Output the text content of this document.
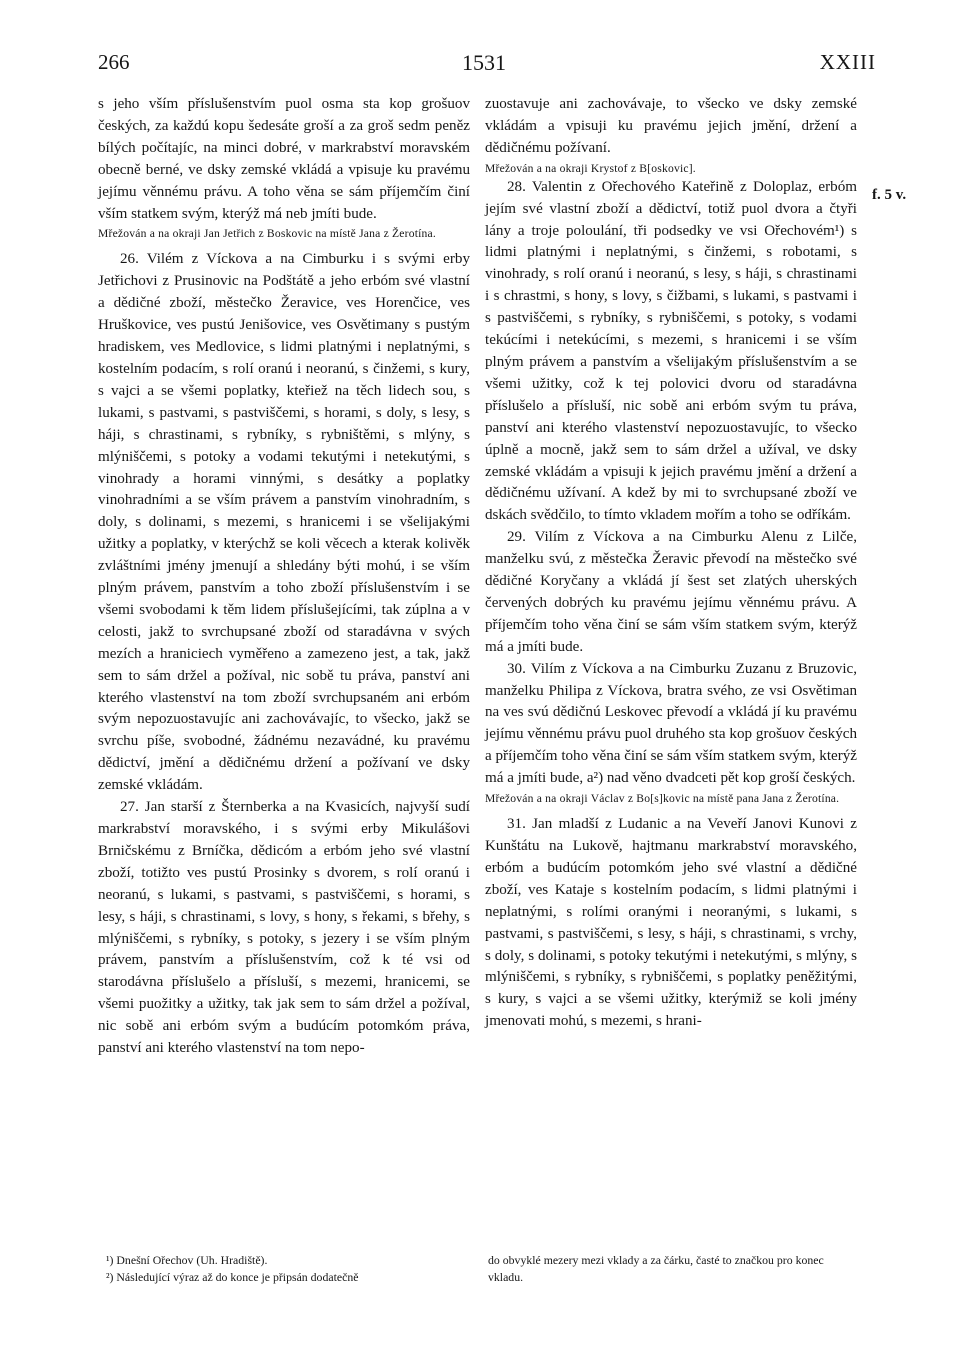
266	1531	XXIII
f. 5 v.

s jeho vším příslušenstvím puol osma sta kop grošuov českých, za každú kopu šedesáte groší a za groš sedm peněz bílých počítajíc, na minci dobré, v markrabství moravském obecně berné, ve dsky zemské vkládá a vpisuje ku pravému jejímu věnnému právu. A toho věna se sám příjemčím činí vším statkem svým, kterýž má neb jmíti bude.

Mřežován a na okraji Jan Jetřich z Boskovic na místě Jana z Žerotína.

26. Vilém z Víckova a na Cimburku i s svými erby Jetřichovi z Prusinovic na Podštátě a jeho erbóm své vlastní a dědičné zboží, městečko Žeravice, ves Horenčice, ves Hruškovice, ves pustú Jenišovice, ves Osvětimany s pustým hradiskem, ves Medlovice, s lidmi platnými i neplatnými, s kostelním podacím, s rolí oranú i neoranú, s činžemi, s kury, s vajci a se všemi poplatky, kteřiež na těch lidech sou, s lukami, s pastvami, s pastviščemi, s horami, s doly, s lesy, s háji, s chrastinami, s rybníky, s rybništěmi, s mlýny, s mlýniščemi, s potoky a vodami tekutými i netekutými, s vinohrady a horami vinnými, s desátky a poplatky vinohradními a se vším právem a panstvím vinohradním, s doly, s dolinami, s mezemi, s hranicemi i se všelijakými užitky a poplatky, v kterýchž se koli věcech a kterak kolivěk zvláštními jmény jmenují a shledány býti mohú, i se vším plným právem, panstvím a toho zboží příslušenstvím i se všemi svobodami k těm lidem příslušejícími, tak zúplna a v celosti, jakž to svrchupsané zboží od staradávna v svých mezích a hraniciech vyměřeno a zamezeno jest, a tak, jakž sem to sám držel a požíval, nic sobě tu práva, panství ani kterého vlastenství na tom zboží svrchupsaném ani erbóm svým nepozuostavujíc ani zachovávajíc, to všecko, jakž se svrchu píše, svobodné, žádnému nezavádné, ku pravému dědictví, jmění a dědičnému držení a požívaní ve dsky zemské vkládám.

27. Jan starší z Šternberka a na Kvasicích, najvyší sudí markrabství moravského, i s svými erby Mikulášovi Brničskému z Brníčka, dědicóm a erbóm jeho své vlastní zboží, totižto ves pustú Prosinky s dvorem, s rolí oranú i neoranú, s lukami, s pastvami, s pastviščemi, s horami, s lesy, s háji, s chrastinami, s lovy, s hony, s řekami, s břehy, s mlýniščemi, s rybníky, s potoky, s jezery i se vším plným právem, panstvím a příslušenstvím, což k té vsi od starodávna příslušelo a přísluší, s mezemi, hranicemi, se všemi puožitky a užitky, tak jak sem to sám držel a požíval, nic sobě ani erbóm svým a budúcím potomkóm práva, panství ani kterého vlastenství na tom nepo-

zuostavuje ani zachovávaje, to všecko ve dsky zemské vkládám a vpisuji ku pravému jejich jmění, držení a dědičnému požívaní.

Mřežován a na okraji Krystof z B[oskovic].

28. Valentin z Ořechového Kateřině z Doloplaz, erbóm jejím své vlastní zboží a dědictví, totiž puol dvora a čtyři lány a troje poloulání, tři podsedky ve vsi Ořechovém¹) s lidmi platnými i neplatnými, s činžemi, s robotami, s vinohrady, s rolí oranú i neoranú, s lesy, s háji, s chrastinami i s chrastmi, s hony, s lovy, s čižbami, s lukami, s pastvami i s pastviščemi, s rybníky, s rybniščemi, s potoky, s vodami tekúcími i netekúcími, s mezemi, s hranicemi i se vším plným právem a panstvím a všelijakým příslušenstvím a se všemi užitky, což k tej polovici dvoru od staradávna příslušelo a přísluší, nic sobě ani erbóm svým tu práva, panství ani kterého vlastenství nepozuostavujíc, to všecko úplně a mocně, jakž sem to sám držel a užíval, ve dsky zemské vkládám a vpisuji k jejich pravému jmění a držení a dědičnému užívaní. A kdež by mi to svrchupsané zboží ve dskách svědčilo, to tímto vkladem mořím a toho se odříkám.

29. Vilím z Víckova a na Cimburku Alenu z Lilče, manželku svú, z městečka Žeravic převodí na městečko své dědičné Koryčany a vkládá jí šest set zlatých uherských červených dobrých ku pravému jejímu věnnému právu. A příjemčím toho věna činí se sám vším statkem svým, kterýž má a jmíti bude.

30. Vilím z Víckova a na Cimburku Zuzanu z Bruzovic, manželku Philipa z Víckova, bratra svého, ze vsi Osvětiman na ves svú dědičnú Leskovec převodí a vkládá jí ku pravému jejímu věnnému právu puol druhého sta kop grošuov českých a příjemčím toho věna činí se sám vším statkem svým, kterýž má a jmíti bude, a²) nad věno dvadceti pět kop groší českých.

Mřežován a na okraji Václav z Bo[s]kovic na místě pana Jana z Žerotína.

31. Jan mladší z Ludanic a na Veveří Janovi Kunovi z Kunštátu na Lukově, hajtmanu markrabství moravského, erbóm a budúcím potomkóm jeho své vlastní a dědičné zboží, ves Kataje s kostelním podacím, s lidmi platnými i neplatnými, s rolími oranými i neoranými, s lukami, s pastvami, s pastviščemi, s lesy, s háji, s chrastinami, s vrchy, s doly, s dolinami, s potoky tekutými i netekutými, s mlýny, s mlýniščemi, s rybníky, s rybniščemi, s poplatky peněžitými, s kury, s vajci a se všemi užitky, kterýmiž se koli jmény jmenovati mohú, s mezemi, s hrani-

¹) Dnešní Ořechov (Uh. Hradiště).
²) Následující výraz až do konce je připsán dodatečně
do obvyklé mezery mezi vklady a za čárku, časté to značkou pro konec vkladu.
